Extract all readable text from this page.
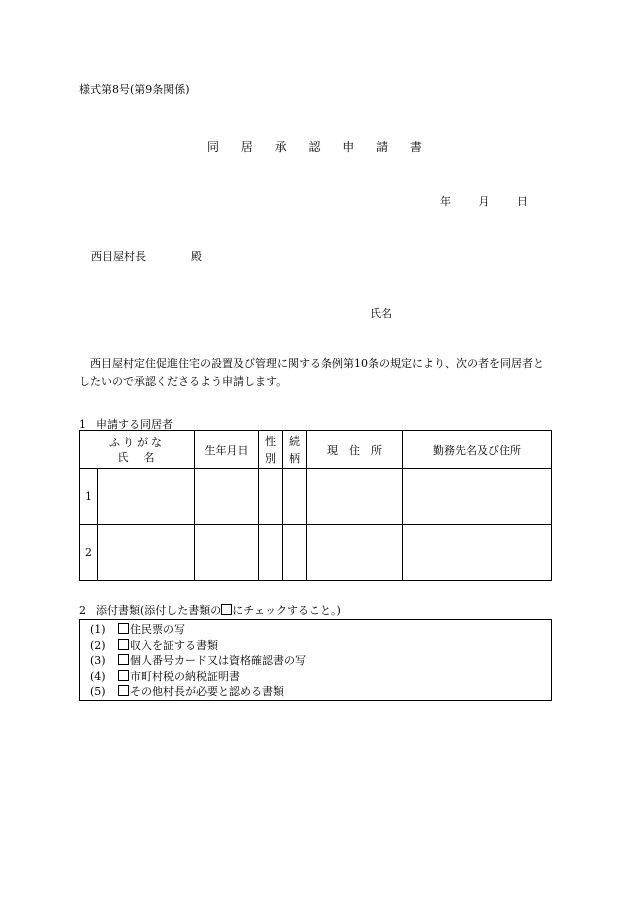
様式第8号(第9条関係)
同 居 承 認 申 請 書
年	月	日
西目屋村長	殿
氏名
西目屋村定住促進住宅の設置及び管理に関する条例第10条の規定により、次の者を同居者としたいので承認くださるよう申請します。
1 申請する同居者
ふりがな
氏　名		生年月日	性別	続柄	現　住　所	勤務先名及び住所
1						
2						
2 添付書類(添付した書類の にチェックすること。)
(1) 住民票の写
(2) 収入を証する書類
(3) 個人番号カード又は資格確認書の写
(4) 市町村税の納税証明書
(5) その他村長が必要と認める書類
